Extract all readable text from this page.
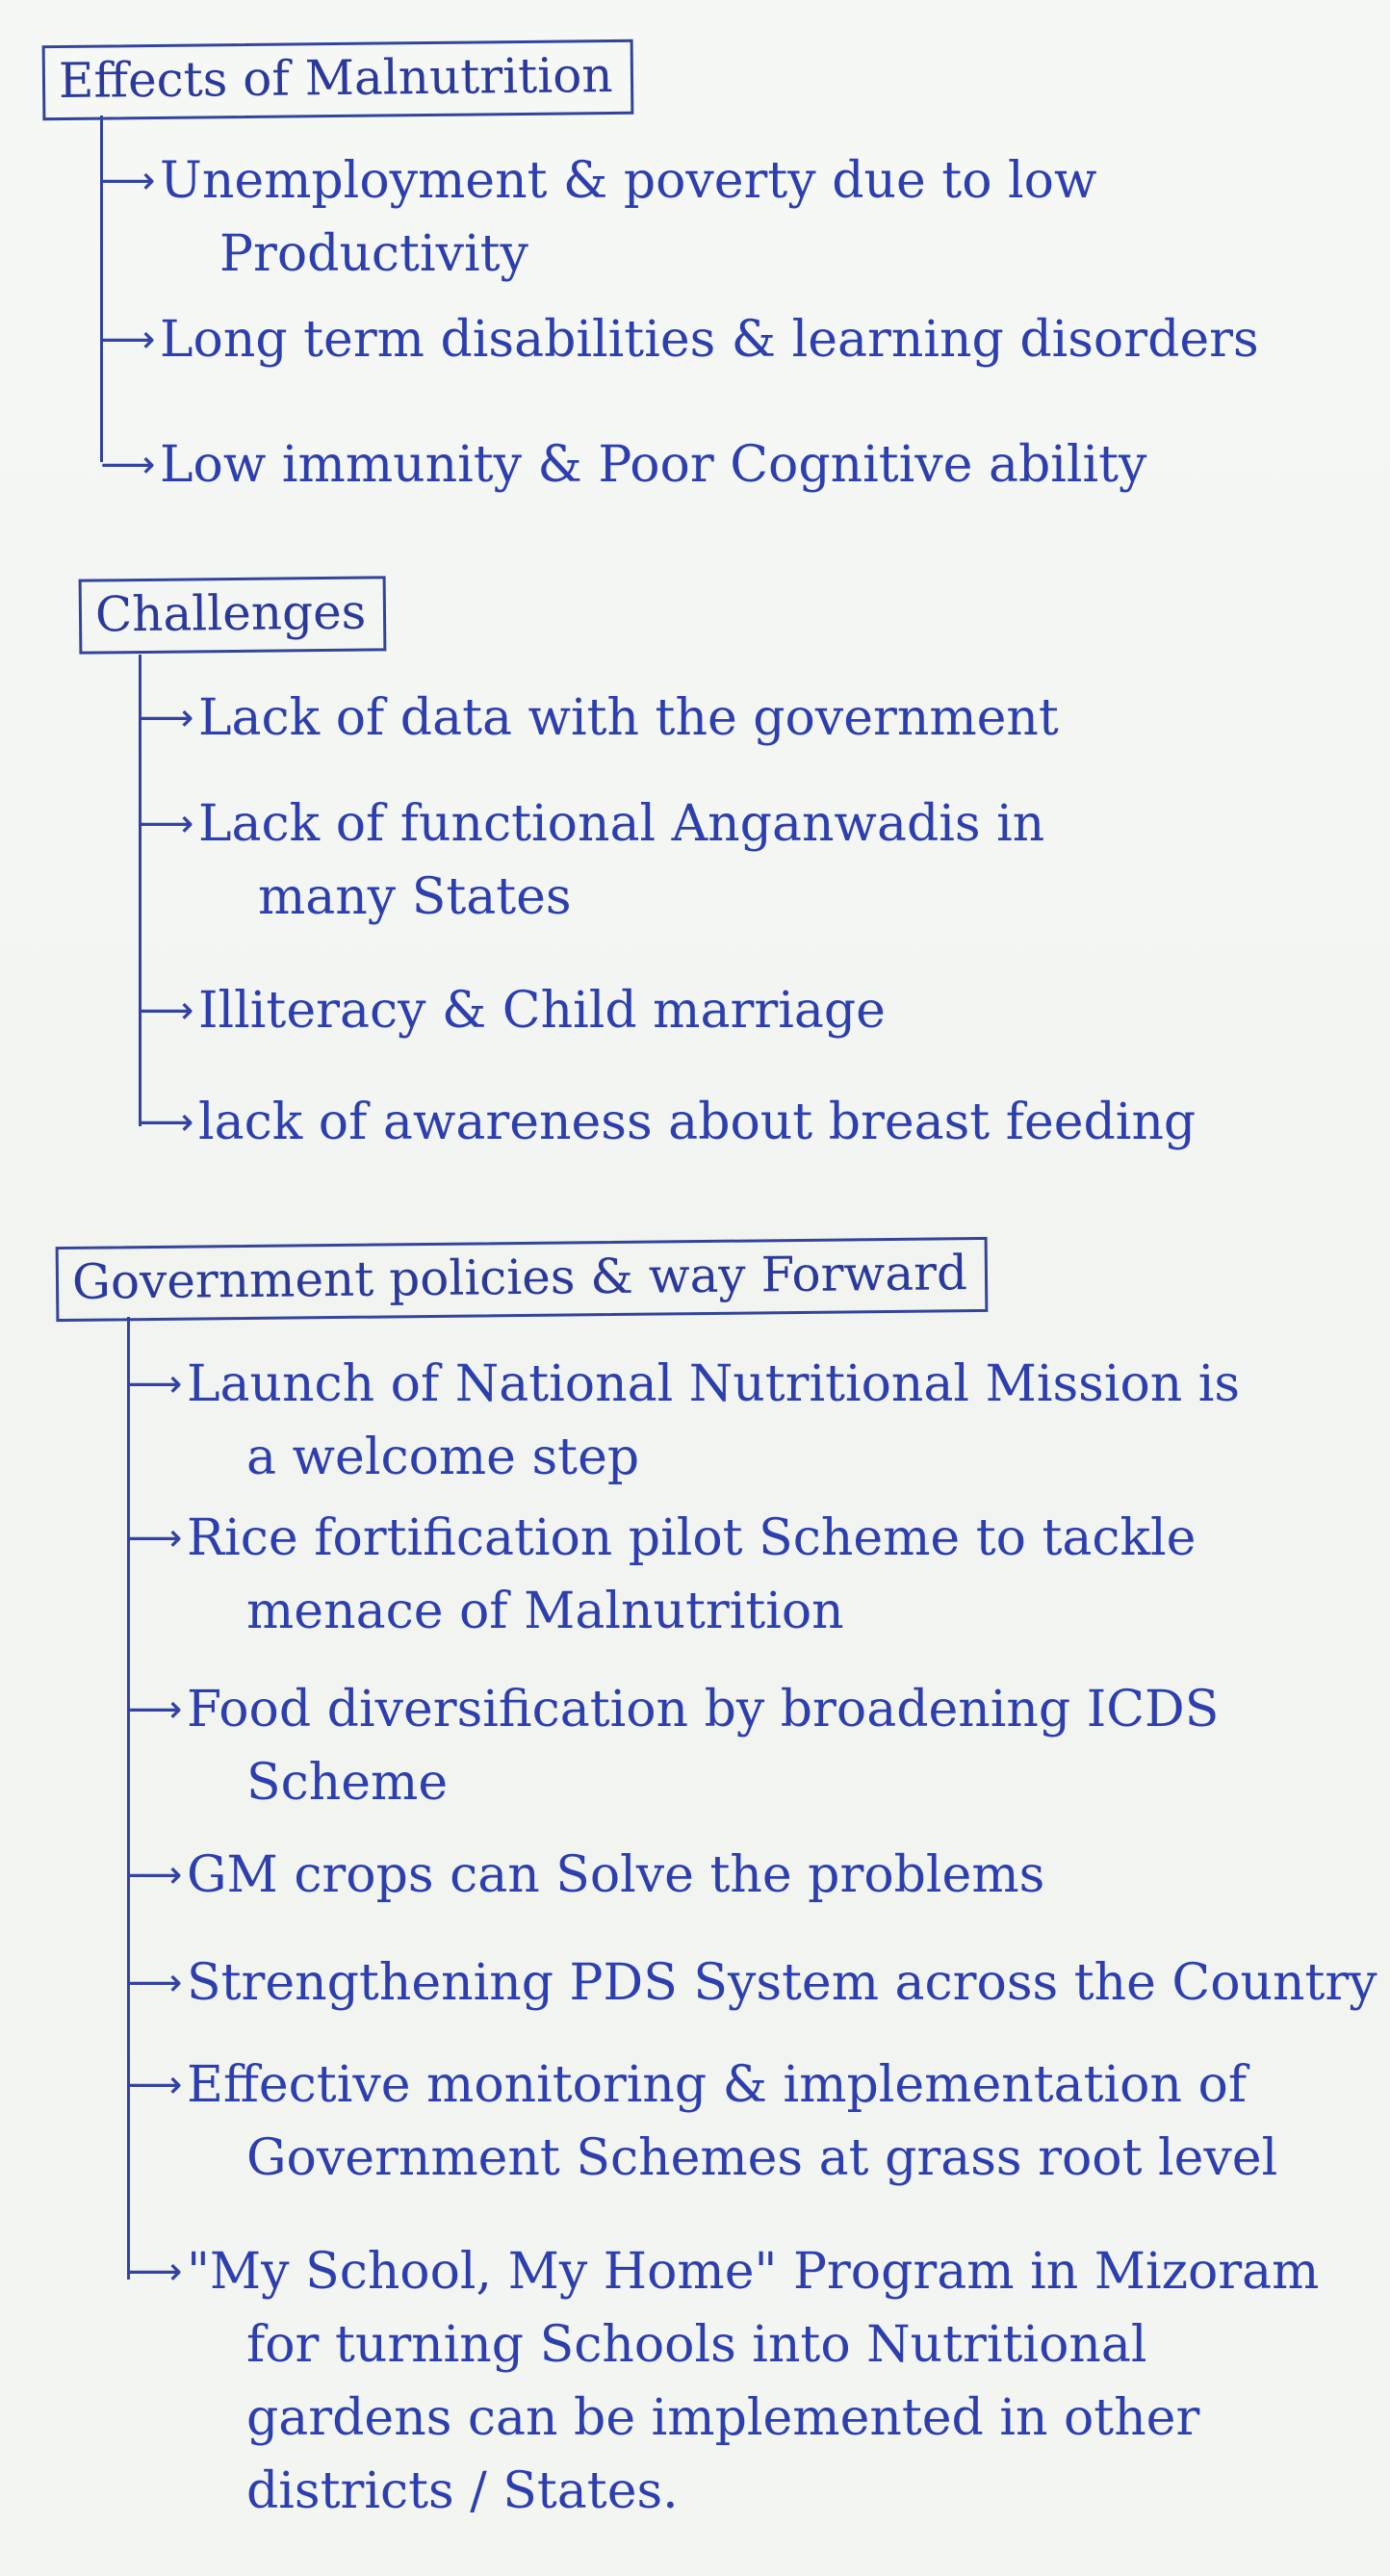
Effects of Malnutrition
⟶Unemployment & poverty due to low
Productivity
⟶Long term disabilities & learning disorders
⟶Low immunity & Poor Cognitive ability
Challenges
⟶Lack of data with the government
⟶Lack of functional Anganwadis in
many States
⟶Illiteracy & Child marriage
⟶lack of awareness about breast feeding
Government policies & way Forward
⟶Launch of National Nutritional Mission is
a welcome step
⟶Rice fortification pilot Scheme to tackle
menace of Malnutrition
⟶Food diversification by broadening ICDS
Scheme
⟶GM crops can Solve the problems
⟶Strengthening PDS System across the Country
⟶Effective monitoring & implementation of
Government Schemes at grass root level
⟶"My School, My Home" Program in Mizoram
for turning Schools into Nutritional
gardens can be implemented in other
districts / States.
